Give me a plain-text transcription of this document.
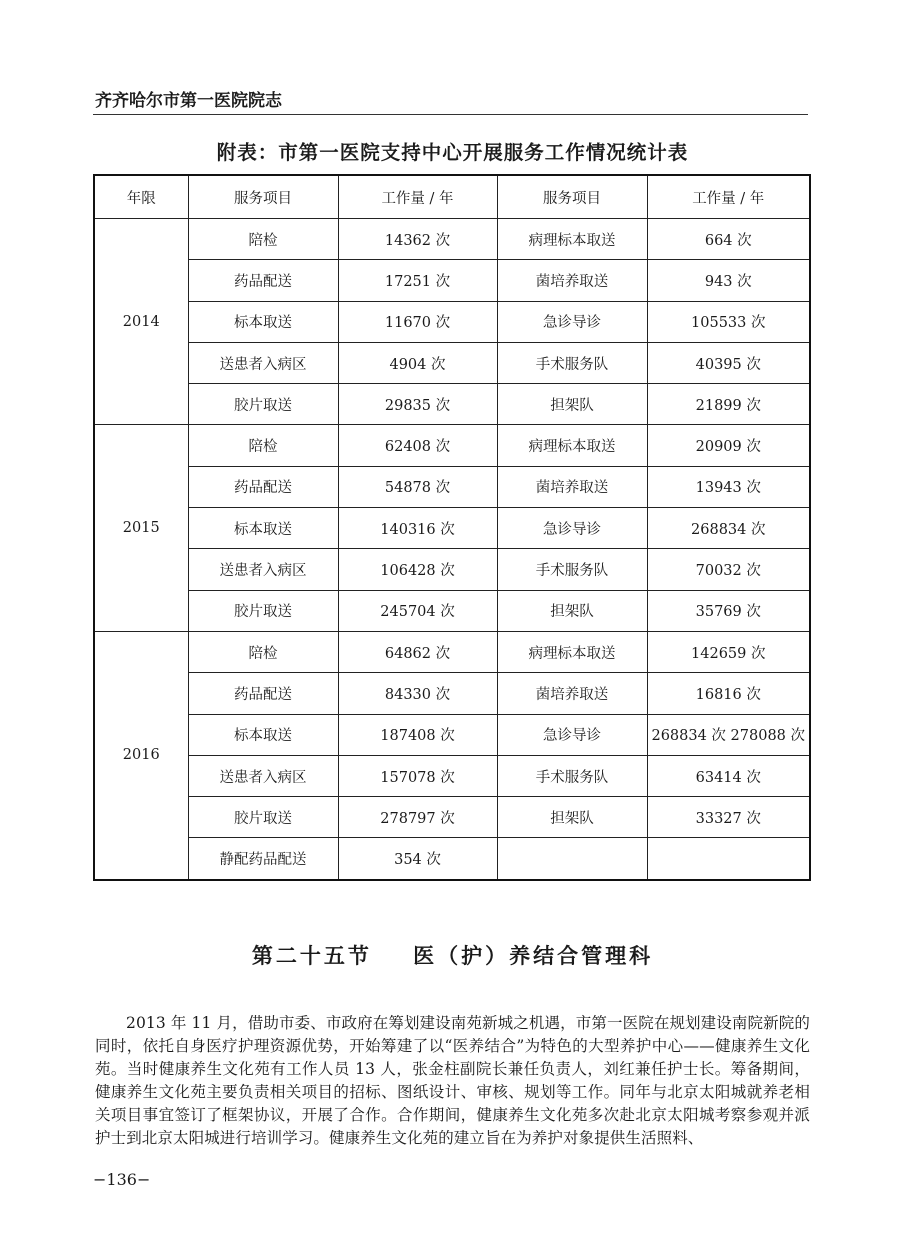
齐齐哈尔市第一医院院志
附表：市第一医院支持中心开展服务工作情况统计表
年限	服务项目	工作量 / 年	服务项目	工作量 / 年
2014	陪检	14362 次	病理标本取送	664 次
	药品配送	17251 次	菌培养取送	943 次
	标本取送	11670 次	急诊导诊	105533 次
	送患者入病区	4904 次	手术服务队	40395 次
	胶片取送	29835 次	担架队	21899 次
2015	陪检	62408 次	病理标本取送	20909 次
	药品配送	54878 次	菌培养取送	13943 次
	标本取送	140316 次	急诊导诊	268834 次
	送患者入病区	106428 次	手术服务队	70032 次
	胶片取送	245704 次	担架队	35769 次
2016	陪检	64862 次	病理标本取送	142659 次
	药品配送	84330 次	菌培养取送	16816 次
	标本取送	187408 次	急诊导诊	268834 次 278088 次
	送患者入病区	157078 次	手术服务队	63414 次
	胶片取送	278797 次	担架队	33327 次
	静配药品配送	354 次		
第二十五节    医（护）养结合管理科

2013 年 11 月，借助市委、市政府在筹划建设南苑新城之机遇，市第一医院在规划建设南院新院的同时，依托自身医疗护理资源优势，开始筹建了以“医养结合”为特色的大型养护中心——健康养生文化苑。当时健康养生文化苑有工作人员 13 人，张金柱副院长兼任负责人，刘红兼任护士长。筹备期间，健康养生文化苑主要负责相关项目的招标、图纸设计、审核、规划等工作。同年与北京太阳城就养老相关项目事宜签订了框架协议，开展了合作。合作期间，健康养生文化苑多次赴北京太阳城考察参观并派护士到北京太阳城进行培训学习。健康养生文化苑的建立旨在为养护对象提供生活照料、

−136−
